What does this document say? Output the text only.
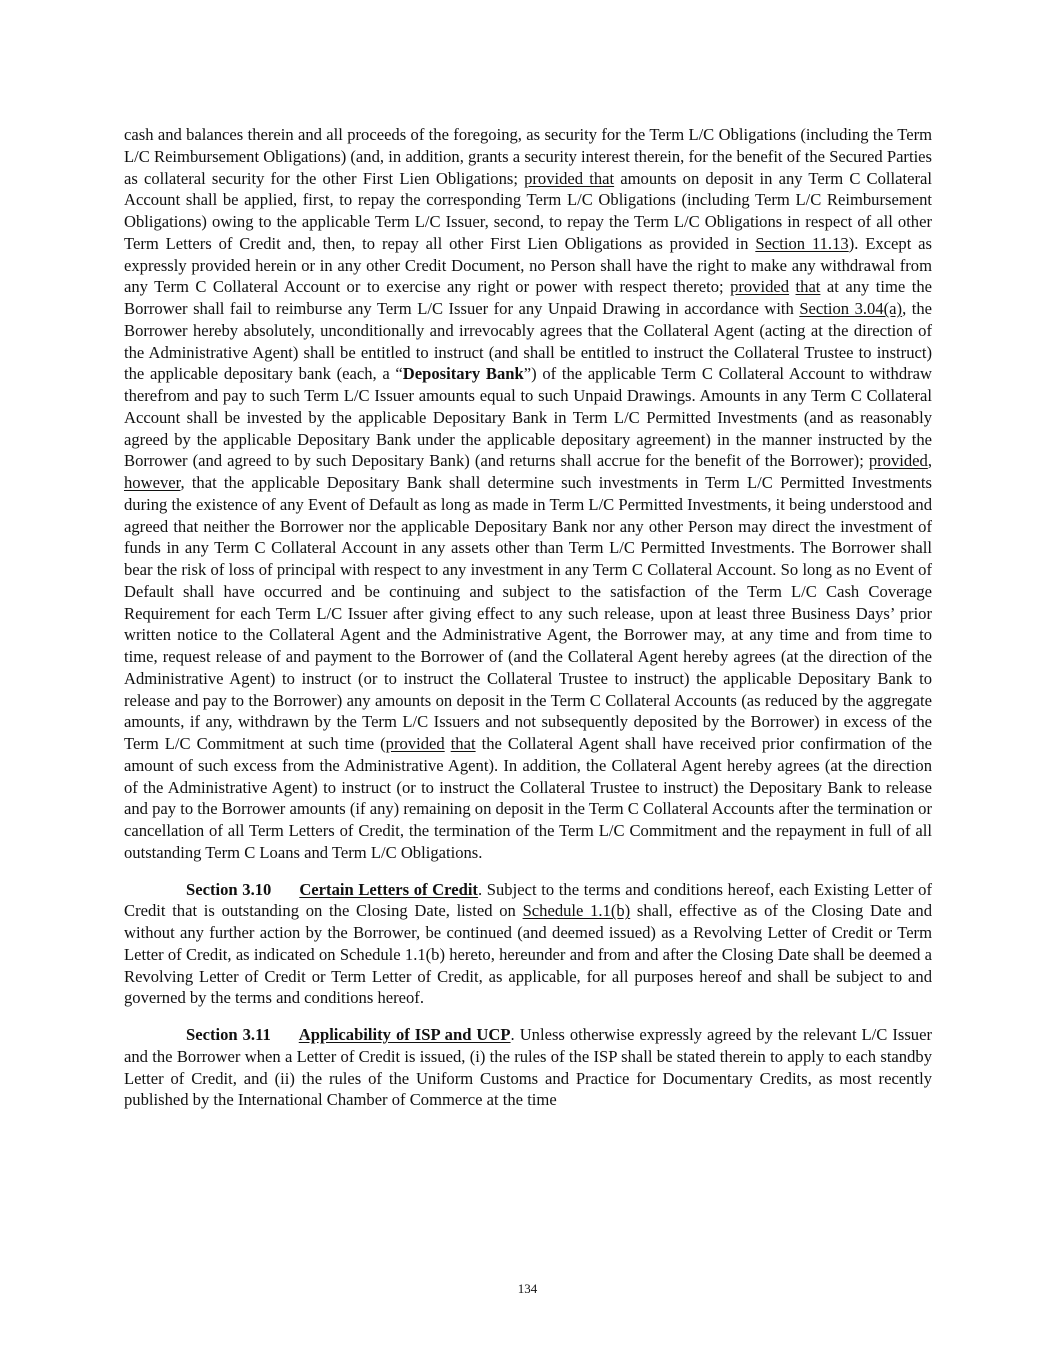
cash and balances therein and all proceeds of the foregoing, as security for the Term L/C Obligations (including the Term L/C Reimbursement Obligations) (and, in addition, grants a security interest therein, for the benefit of the Secured Parties as collateral security for the other First Lien Obligations; provided that amounts on deposit in any Term C Collateral Account shall be applied, first, to repay the corresponding Term L/C Obligations (including Term L/C Reimbursement Obligations) owing to the applicable Term L/C Issuer, second, to repay the Term L/C Obligations in respect of all other Term Letters of Credit and, then, to repay all other First Lien Obligations as provided in Section 11.13). Except as expressly provided herein or in any other Credit Document, no Person shall have the right to make any withdrawal from any Term C Collateral Account or to exercise any right or power with respect thereto; provided that at any time the Borrower shall fail to reimburse any Term L/C Issuer for any Unpaid Drawing in accordance with Section 3.04(a), the Borrower hereby absolutely, unconditionally and irrevocably agrees that the Collateral Agent (acting at the direction of the Administrative Agent) shall be entitled to instruct (and shall be entitled to instruct the Collateral Trustee to instruct) the applicable depositary bank (each, a “Depositary Bank”) of the applicable Term C Collateral Account to withdraw therefrom and pay to such Term L/C Issuer amounts equal to such Unpaid Drawings. Amounts in any Term C Collateral Account shall be invested by the applicable Depositary Bank in Term L/C Permitted Investments (and as reasonably agreed by the applicable Depositary Bank under the applicable depositary agreement) in the manner instructed by the Borrower (and agreed to by such Depositary Bank) (and returns shall accrue for the benefit of the Borrower); provided, however, that the applicable Depositary Bank shall determine such investments in Term L/C Permitted Investments during the existence of any Event of Default as long as made in Term L/C Permitted Investments, it being understood and agreed that neither the Borrower nor the applicable Depositary Bank nor any other Person may direct the investment of funds in any Term C Collateral Account in any assets other than Term L/C Permitted Investments. The Borrower shall bear the risk of loss of principal with respect to any investment in any Term C Collateral Account. So long as no Event of Default shall have occurred and be continuing and subject to the satisfaction of the Term L/C Cash Coverage Requirement for each Term L/C Issuer after giving effect to any such release, upon at least three Business Days’ prior written notice to the Collateral Agent and the Administrative Agent, the Borrower may, at any time and from time to time, request release of and payment to the Borrower of (and the Collateral Agent hereby agrees (at the direction of the Administrative Agent) to instruct (or to instruct the Collateral Trustee to instruct) the applicable Depositary Bank to release and pay to the Borrower) any amounts on deposit in the Term C Collateral Accounts (as reduced by the aggregate amounts, if any, withdrawn by the Term L/C Issuers and not subsequently deposited by the Borrower) in excess of the Term L/C Commitment at such time (provided that the Collateral Agent shall have received prior confirmation of the amount of such excess from the Administrative Agent). In addition, the Collateral Agent hereby agrees (at the direction of the Administrative Agent) to instruct (or to instruct the Collateral Trustee to instruct) the Depositary Bank to release and pay to the Borrower amounts (if any) remaining on deposit in the Term C Collateral Accounts after the termination or cancellation of all Term Letters of Credit, the termination of the Term L/C Commitment and the repayment in full of all outstanding Term C Loans and Term L/C Obligations.

Section 3.10 Certain Letters of Credit. Subject to the terms and conditions hereof, each Existing Letter of Credit that is outstanding on the Closing Date, listed on Schedule 1.1(b) shall, effective as of the Closing Date and without any further action by the Borrower, be continued (and deemed issued) as a Revolving Letter of Credit or Term Letter of Credit, as indicated on Schedule 1.1(b) hereto, hereunder and from and after the Closing Date shall be deemed a Revolving Letter of Credit or Term Letter of Credit, as applicable, for all purposes hereof and shall be subject to and governed by the terms and conditions hereof.

Section 3.11 Applicability of ISP and UCP. Unless otherwise expressly agreed by the relevant L/C Issuer and the Borrower when a Letter of Credit is issued, (i) the rules of the ISP shall be stated therein to apply to each standby Letter of Credit, and (ii) the rules of the Uniform Customs and Practice for Documentary Credits, as most recently published by the International Chamber of Commerce at the time

134
